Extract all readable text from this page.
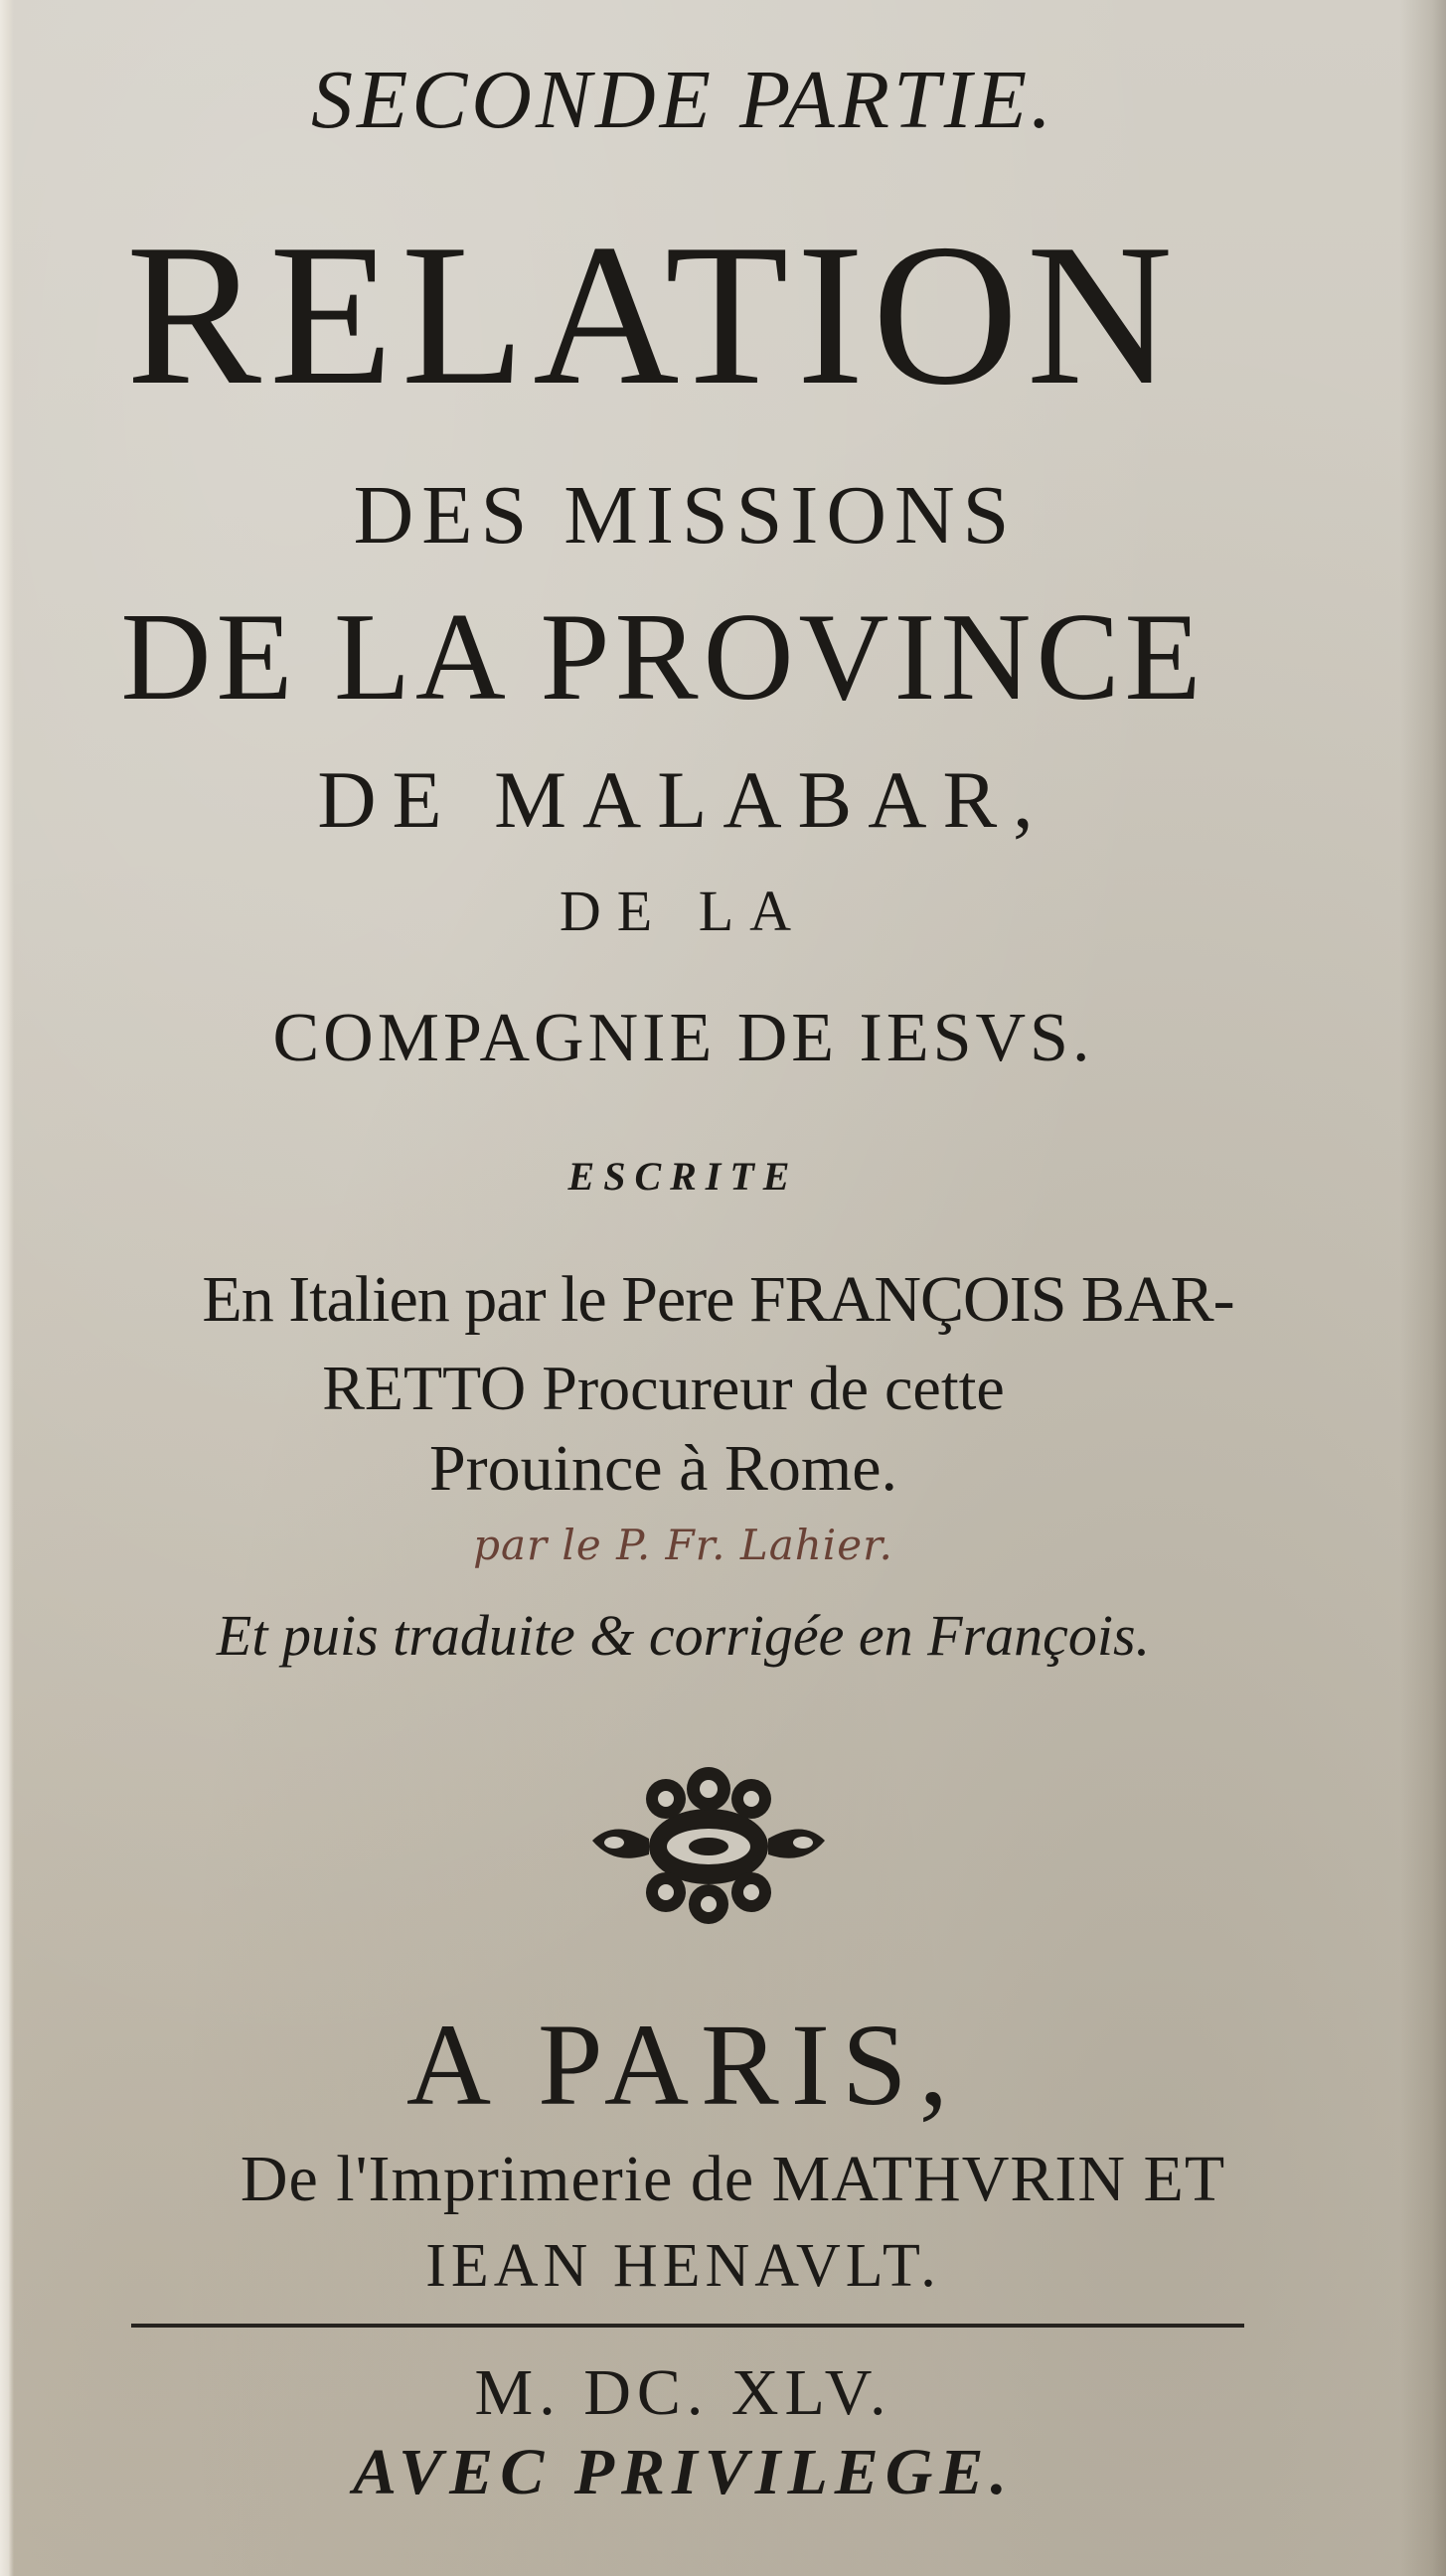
SECONDE PARTIE.
RELATION
DES MISSIONS
DE LA PROVINCE
DE MALABAR,
DE LA
COMPAGNIE DE IESVS.
ESCRITE
En Italien par le Pere FRANÇOIS BAR-
RETTO Procureur de cette
Prouince à Rome.
par le P. Fr. Lahier.
Et puis traduite & corrigée en François.
A PARIS,
De l'Imprimerie de MATHVRIN ET
IEAN HENAVLT.
M. DC. XLV.
AVEC PRIVILEGE.
